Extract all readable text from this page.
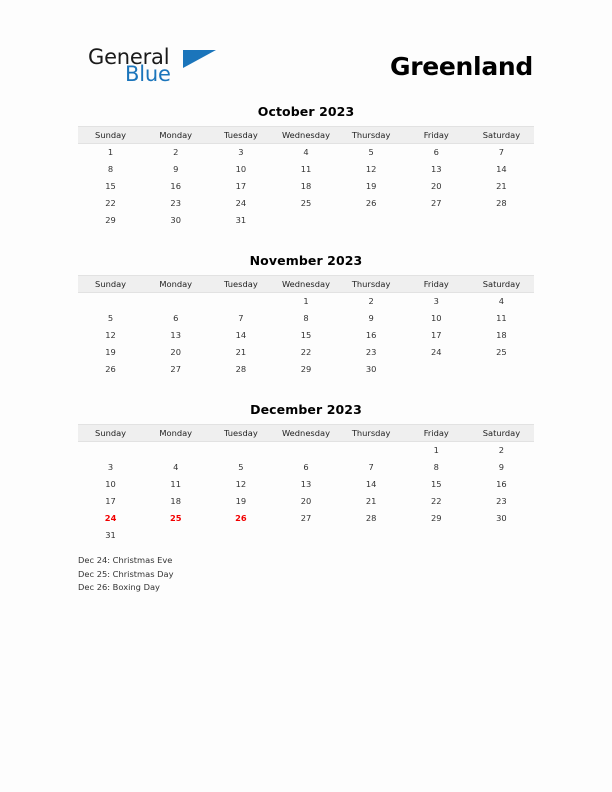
General
Blue	Greenland
October 2023
Sunday	Monday	Tuesday	Wednesday	Thursday	Friday	Saturday
1	2	3	4	5	6	7
8	9	10	11	12	13	14
15	16	17	18	19	20	21
22	23	24	25	26	27	28
29	30	31				
November 2023
Sunday	Monday	Tuesday	Wednesday	Thursday	Friday	Saturday
			1	2	3	4
5	6	7	8	9	10	11
12	13	14	15	16	17	18
19	20	21	22	23	24	25
26	27	28	29	30		
December 2023
Sunday	Monday	Tuesday	Wednesday	Thursday	Friday	Saturday
					1	2
3	4	5	6	7	8	9
10	11	12	13	14	15	16
17	18	19	20	21	22	23
24	25	26	27	28	29	30
31						
Dec 24: Christmas Eve
Dec 25: Christmas Day
Dec 26: Boxing Day
